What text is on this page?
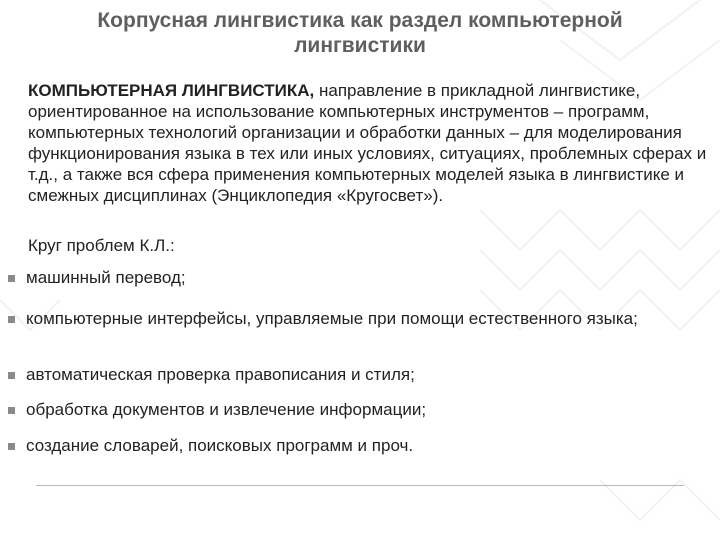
Корпусная лингвистика как раздел компьютерной лингвистики
КОМПЬЮТЕРНАЯ ЛИНГВИСТИКА, направление в прикладной лингвистике, ориентированное на использование компьютерных инструментов – программ, компьютерных технологий организации и обработки данных – для моделирования функционирования языка в тех или иных условиях, ситуациях, проблемных сферах и т.д., а также вся сфера применения компьютерных моделей языка в лингвистике и смежных дисциплинах (Энциклопедия «Кругосвет»).
Круг проблем К.Л.:
машинный перевод;
компьютерные интерфейсы, управляемые при помощи естественного языка;
автоматическая проверка правописания и стиля;
обработка документов и извлечение информации;
создание словарей, поисковых программ и проч.
